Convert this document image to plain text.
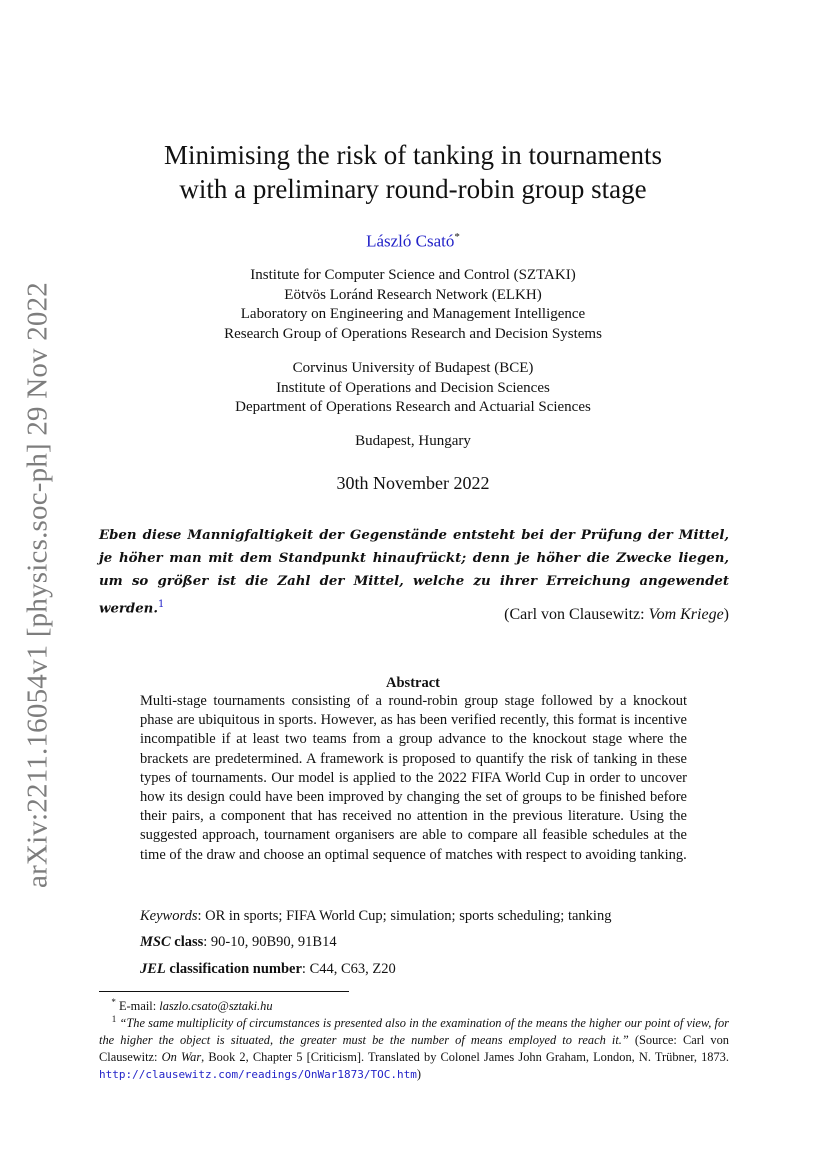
arXiv:2211.16054v1 [physics.soc-ph] 29 Nov 2022
Minimising the risk of tanking in tournaments
with a preliminary round-robin group stage
László Csató*
Institute for Computer Science and Control (SZTAKI)
Eötvös Loránd Research Network (ELKH)
Laboratory on Engineering and Management Intelligence
Research Group of Operations Research and Decision Systems
Corvinus University of Budapest (BCE)
Institute of Operations and Decision Sciences
Department of Operations Research and Actuarial Sciences
Budapest, Hungary
30th November 2022
Eben diese Mannigfaltigkeit der Gegenstände entsteht bei der Prüfung der Mittel, je höher man mit dem Standpunkt hinaufrückt; denn je höher die Zwecke liegen, um so größer ist die Zahl der Mittel, welche zu ihrer Erreichung angewendet werden.$^1$
(Carl von Clausewitz: Vom Kriege)
Abstract
Multi-stage tournaments consisting of a round-robin group stage followed by a knockout phase are ubiquitous in sports. However, as has been verified recently, this format is incentive incompatible if at least two teams from a group advance to the knockout stage where the brackets are predetermined. A framework is proposed to quantify the risk of tanking in these types of tournaments. Our model is applied to the 2022 FIFA World Cup in order to uncover how its design could have been improved by changing the set of groups to be finished before their pairs, a component that has received no attention in the previous literature. Using the suggested approach, tournament organisers are able to compare all feasible schedules at the time of the draw and choose an optimal sequence of matches with respect to avoiding tanking.
Keywords: OR in sports; FIFA World Cup; simulation; sports scheduling; tanking
MSC class: 90-10, 90B90, 91B14
JEL classification number: C44, C63, Z20
* E-mail: laszlo.csato@sztaki.hu
$^1$ “The same multiplicity of circumstances is presented also in the examination of the means the higher our point of view, for the higher the object is situated, the greater must be the number of means employed to reach it.” (Source: Carl von Clausewitz: On War, Book 2, Chapter 5 [Criticism]. Translated by Colonel James John Graham, London, N. Trübner, 1873. http://clausewitz.com/readings/OnWar1873/TOC.htm)
